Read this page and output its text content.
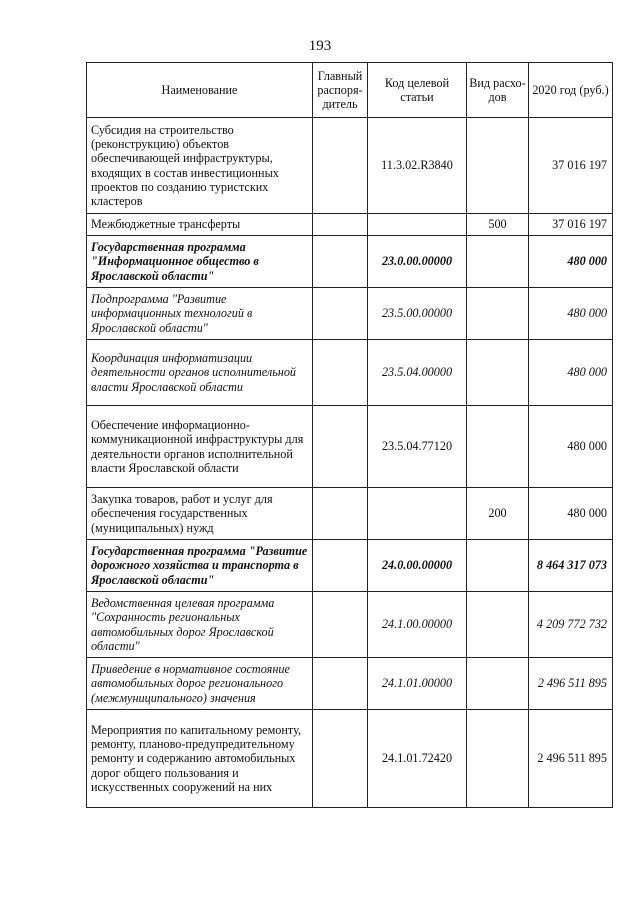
193
Наименование	Главный распоря-дитель	Код целевой статьи	Вид расхо-дов	2020 год (руб.)
Субсидия на строительство (реконструкцию) объектов обеспечивающей инфраструктуры, входящих в состав инвестиционных проектов по созданию туристских кластеров		11.3.02.R3840		37 016 197
Межбюджетные трансферты			500	37 016 197
Государственная программа "Информационное общество в Ярославской области"		23.0.00.00000		480 000
Подпрограмма "Развитие информационных технологий в Ярославской области"		23.5.00.00000		480 000
Координация информатизации деятельности органов исполнительной власти Ярославской области		23.5.04.00000		480 000
Обеспечение информационно-коммуникационной инфраструктуры для деятельности органов исполнительной власти Ярославской области		23.5.04.77120		480 000
Закупка товаров, работ и услуг для обеспечения государственных (муниципальных) нужд			200	480 000
Государственная программа "Развитие дорожного хозяйства и транспорта в Ярославской области"		24.0.00.00000		8 464 317 073
Ведомственная целевая программа "Сохранность региональных автомобильных дорог Ярославской области"		24.1.00.00000		4 209 772 732
Приведение в нормативное состояние автомобильных дорог регионального (межмуниципального) значения		24.1.01.00000		2 496 511 895
Мероприятия по капитальному ремонту, ремонту, планово-предупредительному ремонту и содержанию автомобильных дорог общего пользования и искусственных сооружений на них		24.1.01.72420		2 496 511 895
